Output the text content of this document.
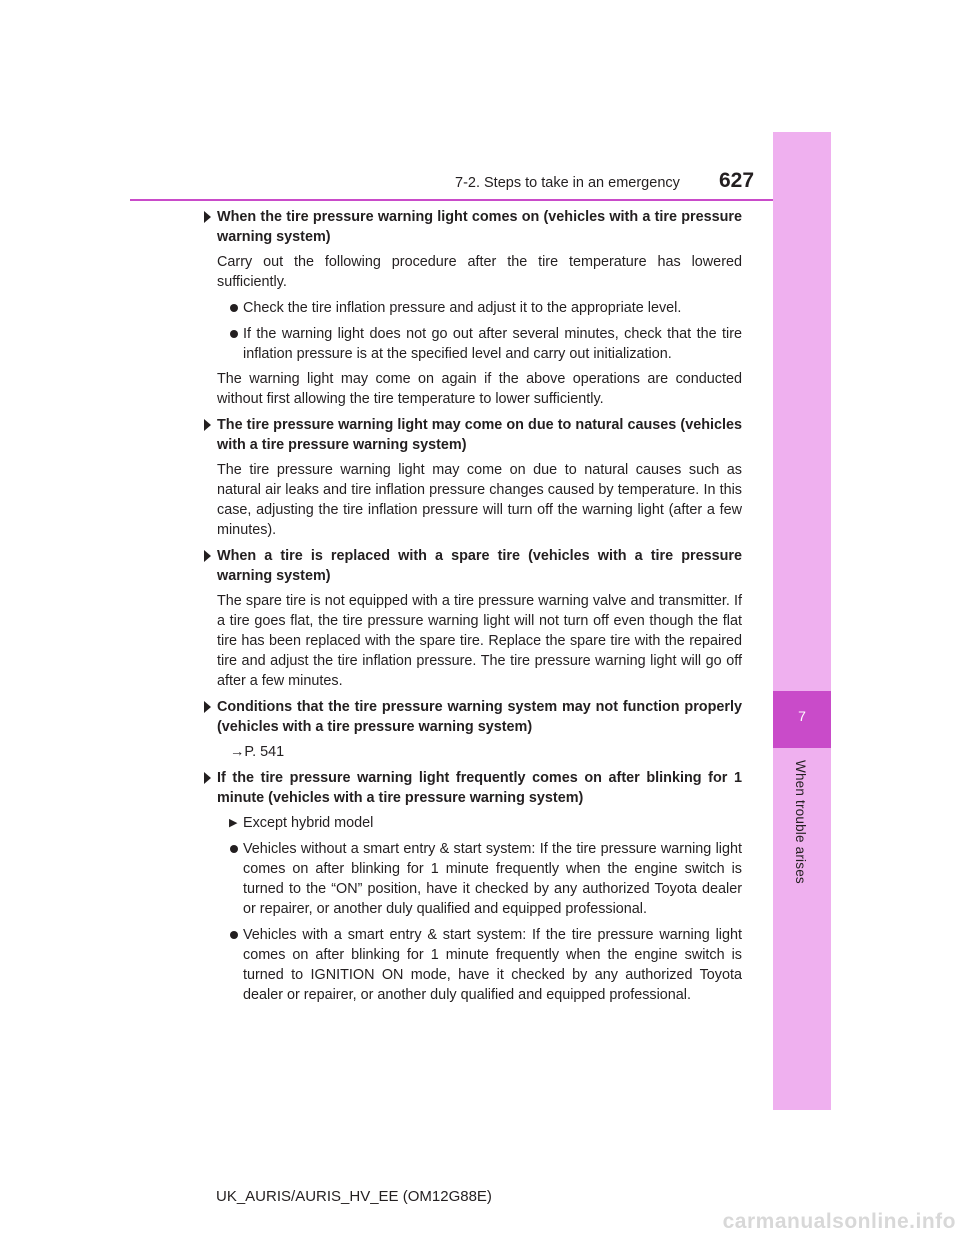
7-2. Steps to take in an emergency 627
7
When trouble arises
When the tire pressure warning light comes on (vehicles with a tire pressure warning system)
Carry out the following procedure after the tire temperature has lowered sufficiently.
Check the tire inflation pressure and adjust it to the appropriate level.
If the warning light does not go out after several minutes, check that the tire inflation pressure is at the specified level and carry out initialization.
The warning light may come on again if the above operations are conducted without first allowing the tire temperature to lower sufficiently.
The tire pressure warning light may come on due to natural causes (vehicles with a tire pressure warning system)
The tire pressure warning light may come on due to natural causes such as natural air leaks and tire inflation pressure changes caused by temperature. In this case, adjusting the tire inflation pressure will turn off the warning light (after a few minutes).
When a tire is replaced with a spare tire (vehicles with a tire pressure warning system)
The spare tire is not equipped with a tire pressure warning valve and transmitter. If a tire goes flat, the tire pressure warning light will not turn off even though the flat tire has been replaced with the spare tire. Replace the spare tire with the repaired tire and adjust the tire inflation pressure. The tire pressure warning light will go off after a few minutes.
Conditions that the tire pressure warning system may not function properly (vehicles with a tire pressure warning system)
→P. 541
If the tire pressure warning light frequently comes on after blinking for 1 minute (vehicles with a tire pressure warning system)
▶ Except hybrid model
Vehicles without a smart entry & start system: If the tire pressure warning light comes on after blinking for 1 minute frequently when the engine switch is turned to the “ON” position, have it checked by any authorized Toyota dealer or repairer, or another duly qualified and equipped professional.
Vehicles with a smart entry & start system: If the tire pressure warning light comes on after blinking for 1 minute frequently when the engine switch is turned to IGNITION ON mode, have it checked by any authorized Toyota dealer or repairer, or another duly qualified and equipped professional.
UK_AURIS/AURIS_HV_EE (OM12G88E)
carmanualsonline.info
